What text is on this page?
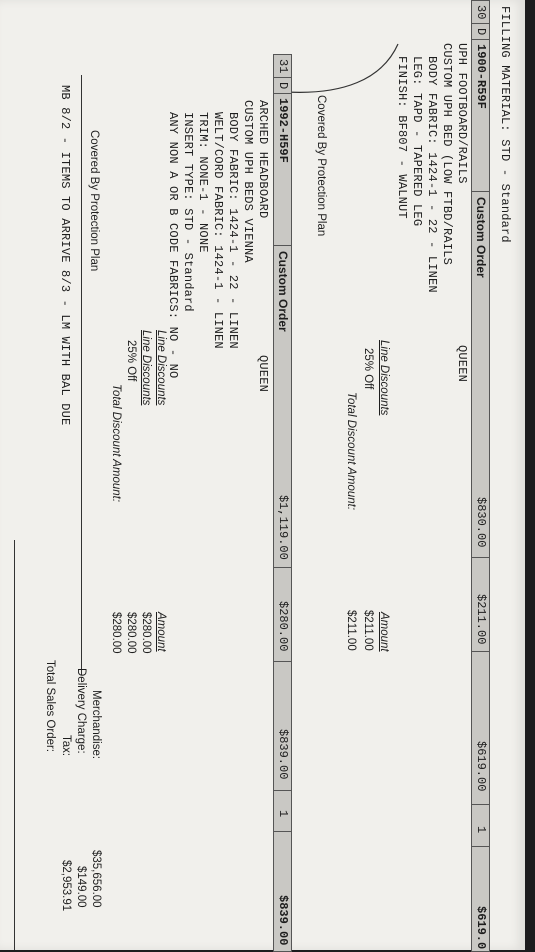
FILLING MATERIAL: STD - Standard
30
D
1900-R59F
Custom Order
$830.00
$211.00
$619.00
1
$619.0
UPH FOOTBOARD/RAILS
QUEEN
CUSTOM UPH BED (LOW FTBD/RAILS
BODY FABRIC: 1424-1 - 22 - LINEN
LEG: TAPD - TAPERED LEG
FINISH: BF807 - WALNUT
Line Discounts
Amount
25% Off
$211.00
Total Discount Amount:
$211.00
Covered By Protection Plan
31
D
1992-H59F
Custom Order
$1,119.00
$280.00
$839.00
1
$839.00
ARCHED HEADBOARD
QUEEN
CUSTOM UPH BEDS VIENNA
BODY FABRIC: 1424-1 - 22 - LINEN
WELT/CORD FABRIC: 1424-1 - LINEN
TRIM: NONE-1 - NONE
INSERT TYPE: STD - Standard
ANY NON A OR B CODE FABRICS: NO - NO
Line Discounts
Amount
$280.00
Line Discounts
25% Off
$280.00
Total Discount Amount:
$280.00
Covered By Protection Plan
MB 8/2 - ITEMS TO ARRIVE 8/3 - LM WITH BAL DUE
Merchandise:
$35,656.00
Delivery Charge:
$149.00
Tax:
$2,953.91
Total Sales Order:
